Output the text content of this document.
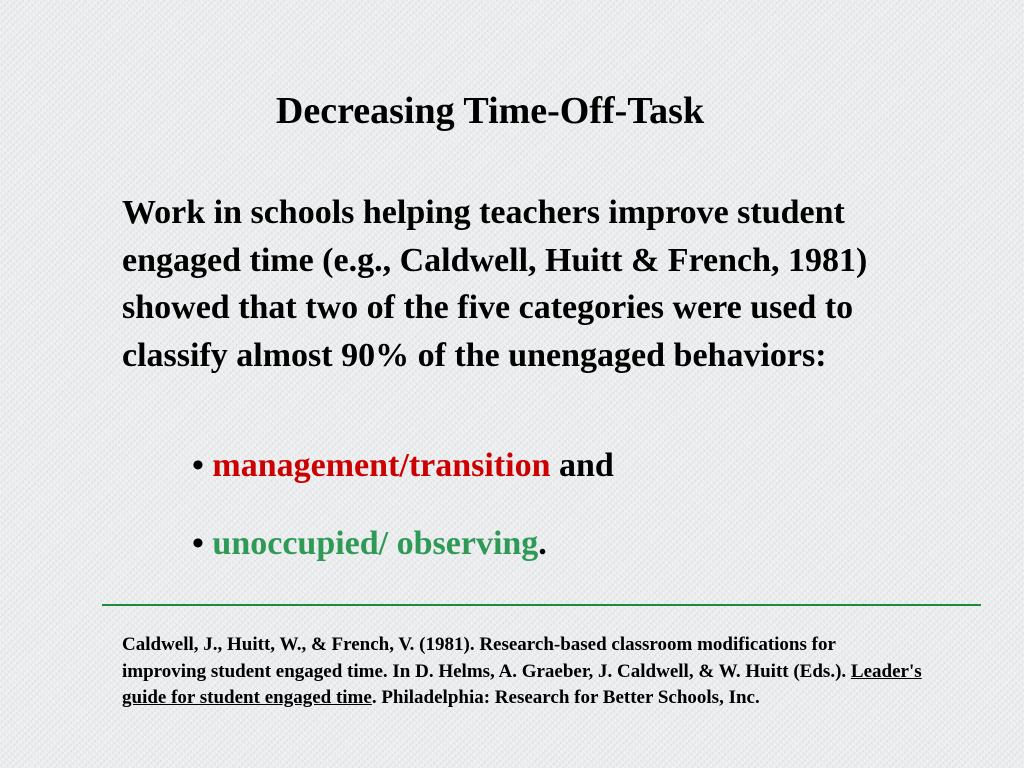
Decreasing Time-Off-Task

Work in schools helping teachers improve student engaged time (e.g., Caldwell, Huitt & French, 1981) showed that two of the five categories were used to classify almost 90% of the unengaged behaviors:

• management/transition and
• unoccupied/ observing.

Caldwell, J., Huitt, W., & French, V. (1981). Research-based classroom modifications for improving student engaged time. In D. Helms, A. Graeber, J. Caldwell, & W. Huitt (Eds.). Leader's guide for student engaged time. Philadelphia: Research for Better Schools, Inc.
